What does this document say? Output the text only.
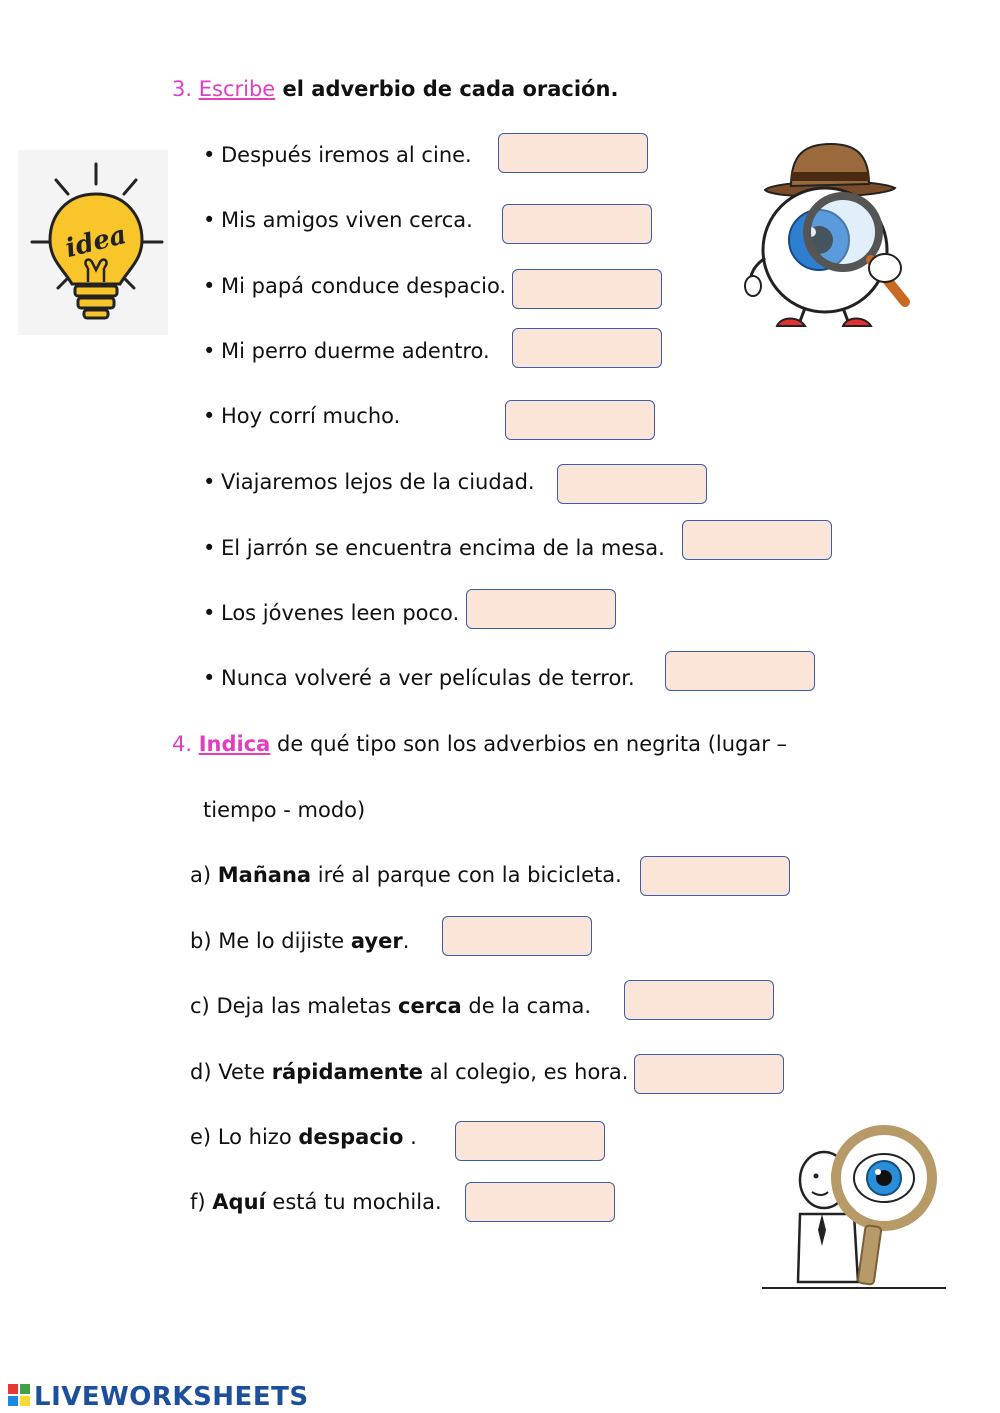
3. Escribe el adverbio de cada oración.
• Después iremos al cine.
• Mis amigos viven cerca.
• Mi papá conduce despacio.
• Mi perro duerme adentro.
• Hoy corrí mucho.
• Viajaremos lejos de la ciudad.
• El jarrón se encuentra encima de la mesa.
• Los jóvenes leen poco.
• Nunca volveré a ver películas de terror.
4. Indica de qué tipo son los adverbios en negrita (lugar –
tiempo - modo)
a) Mañana iré al parque con la bicicleta.
b) Me lo dijiste ayer.
c) Deja las maletas cerca de la cama.
d) Vete rápidamente al colegio, es hora.
e) Lo hizo despacio .
f) Aquí está tu mochila.
idea
LIVEWORKSHEETS
